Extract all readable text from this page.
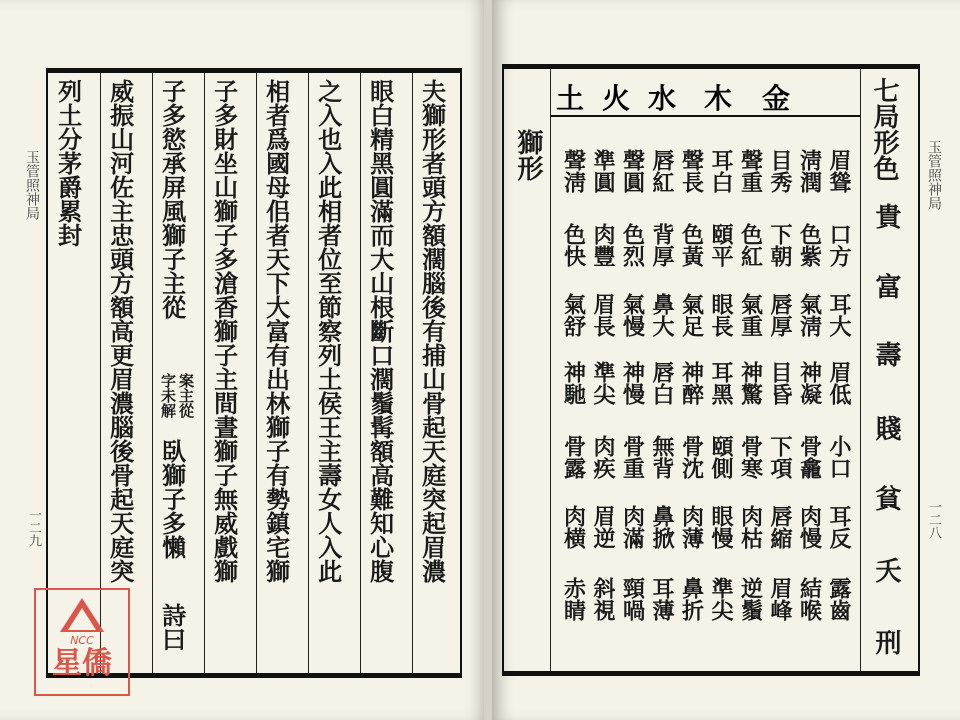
玉管照神局
一二九	夫獅形者頭方額濶腦後有捕山骨起天庭突起眉濃
眼白精黑圓滿而大山根斷口濶鬚髯額高難知心腹
之入也入此相者位至節察列土侯王主壽女人入此
相者爲國母佀者天下大富有出林獅子有勢鎮宅獅
子多財坐山獅子多滄香獅子主間晝獅子無威戲獅
子多慾承屏風獅子主從
案主從
字未解
臥獅子多懶
詩曰
威振山河佐主忠頭方額高更眉濃腦後骨起天庭突
列土分茅爵累封
NCC
星僑
玉管照神局
一二八
七局形色
貴
富
壽
賤
貧
夭
刑
金
木
水
火
土
獅形	眉聳
口方
耳大
眉低
小口
耳反
露齒
淸潤
色紫
氣淸
神凝
骨龕
肉慢
結喉
目秀
下朝
唇厚
目昏
下項
唇縮
眉峰
聲重
色紅
氣重
神驚
骨寒
肉枯
逆鬚
耳白
頤平
眼長
耳黑
頤側
眼慢
準尖
聲長
色黃
氣足
神醉
骨沈
肉薄
鼻折
唇紅
背厚
鼻大
唇白
無背
鼻掀
耳薄
聲圓
色烈
氣慢
神慢
骨重
肉滿
頸喎
準圓
肉豐
眉長
準尖
肉疾
眉逆
斜視
聲淸
色快
氣舒
神馳
骨露
肉横
赤睛
